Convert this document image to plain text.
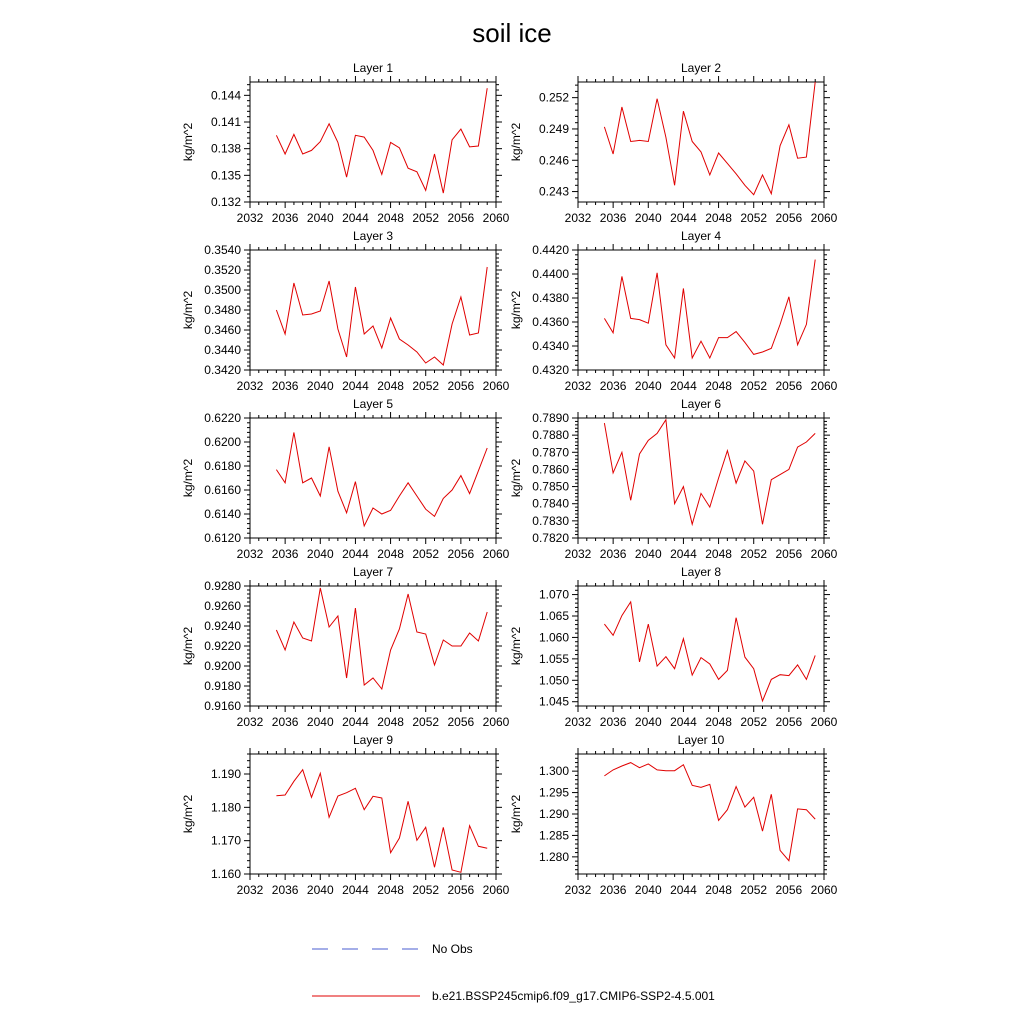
soil ice
Layer 1
2032 2036 2040 2044 2048 2052 2056 2060
0.132
0.135
0.138
0.141
0.144
kg/m^2
Layer 2
2032 2036 2040 2044 2048 2052 2056 2060
0.243
0.246
0.249
0.252
kg/m^2
Layer 3
2032 2036 2040 2044 2048 2052 2056 2060
0.3420
0.3440
0.3460
0.3480
0.3500
0.3520
0.3540
kg/m^2
Layer 4
2032 2036 2040 2044 2048 2052 2056 2060
0.4320
0.4340
0.4360
0.4380
0.4400
0.4420
kg/m^2
Layer 5
2032 2036 2040 2044 2048 2052 2056 2060
0.6120
0.6140
0.6160
0.6180
0.6200
0.6220
kg/m^2
Layer 6
2032 2036 2040 2044 2048 2052 2056 2060
0.7820
0.7830
0.7840
0.7850
0.7860
0.7870
0.7880
0.7890
kg/m^2
Layer 7
2032 2036 2040 2044 2048 2052 2056 2060
0.9160
0.9180
0.9200
0.9220
0.9240
0.9260
0.9280
kg/m^2
Layer 8
2032 2036 2040 2044 2048 2052 2056 2060
1.045
1.050
1.055
1.060
1.065
1.070
kg/m^2
Layer 9
2032 2036 2040 2044 2048 2052 2056 2060
1.160
1.170
1.180
1.190
kg/m^2
Layer 10
2032 2036 2040 2044 2048 2052 2056 2060
1.280
1.285
1.290
1.295
1.300
kg/m^2
No Obs
b.e21.BSSP245cmip6.f09_g17.CMIP6-SSP2-4.5.001
